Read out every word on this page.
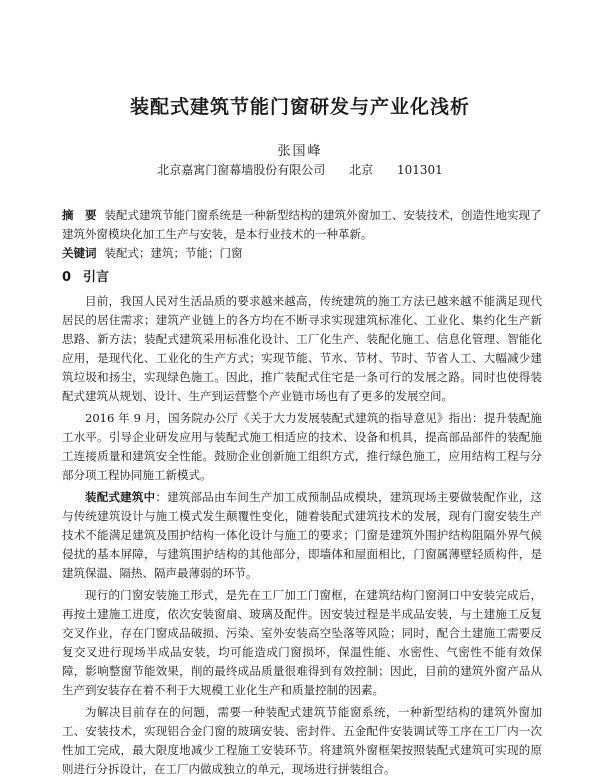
装配式建筑节能门窗研发与产业化浅析
张国峰
北京嘉寓门窗幕墙股份有限公司 北京 101301
摘　要 装配式建筑节能门窗系统是一种新型结构的建筑外窗加工、安装技术，创造性地实现了建筑外窗模块化加工生产与安装，是本行业技术的一种革新。
关键词 装配式；建筑；节能；门窗
0 引言

目前，我国人民对生活品质的要求越来越高，传统建筑的施工方法已越来越不能满足现代居民的居住需求；建筑产业链上的各方均在不断寻求实现建筑标准化、工业化、集约化生产新思路、新方法；装配式建筑采用标准化设计、工厂化生产、装配化施工、信息化管理、智能化应用，是现代化、工业化的生产方式；实现节能、节水、节材、节时、节省人工、大幅减少建筑垃圾和扬尘，实现绿色施工。因此，推广装配式住宅是一条可行的发展之路。同时也使得装配式建筑从规划、设计、生产到运营整个产业链市场也有了更多的发展空间。

2016 年 9 月，国务院办公厅《关于大力发展装配式建筑的指导意见》指出：提升装配施工水平。引导企业研发应用与装配式施工相适应的技术、设备和机具，提高部品部件的装配施工连接质量和建筑安全性能。鼓励企业创新施工组织方式，推行绿色施工，应用结构工程与分部分项工程协同施工新模式。

装配式建筑中：建筑部品由车间生产加工成预制品成模块，建筑现场主要做装配作业，这与传统建筑设计与施工模式发生颠覆性变化，随着装配式建筑技术的发展，现有门窗安装生产技术不能满足建筑及围护结构一体化设计与施工的要求；门窗是建筑外围护结构阻隔外界气候侵扰的基本屏障，与建筑围护结构的其他部分，即墙体和屋面相比，门窗属薄壁轻质构件，是建筑保温、隔热、隔声最薄弱的环节。

现行的门窗安装施工形式，是先在工厂加工门窗框，在建筑结构门窗洞口中安装完成后，再按土建施工进度，依次安装窗扇、玻璃及配件。因安装过程是半成品安装，与土建施工反复交叉作业，存在门窗成品破损、污染、室外安装高空坠落等风险；同时，配合土建施工需要反复交叉进行现场半成品安装，均可能造成门窗损坏，保温性能、水密性、气密性不能有效保障，影响整窗节能效果，削的最终成品质量很难得到有效控制；因此，目前的建筑外窗产品从生产到安装存在着不利于大规模工业化生产和质量控制的因素。

为解决目前存在的问题，需要一种装配式建筑节能窗系统，一种新型结构的建筑外窗加工、安装技术，实现铝合金门窗的玻璃安装、密封件、五金配件安装调试等工序在工厂内一次性加工完成，最大限度地减少工程施工安装环节。将建筑外窗框架按照装配式建筑可实现的原则进行分拆设计，在工厂内做成独立的单元，现场进行拼装组合。
